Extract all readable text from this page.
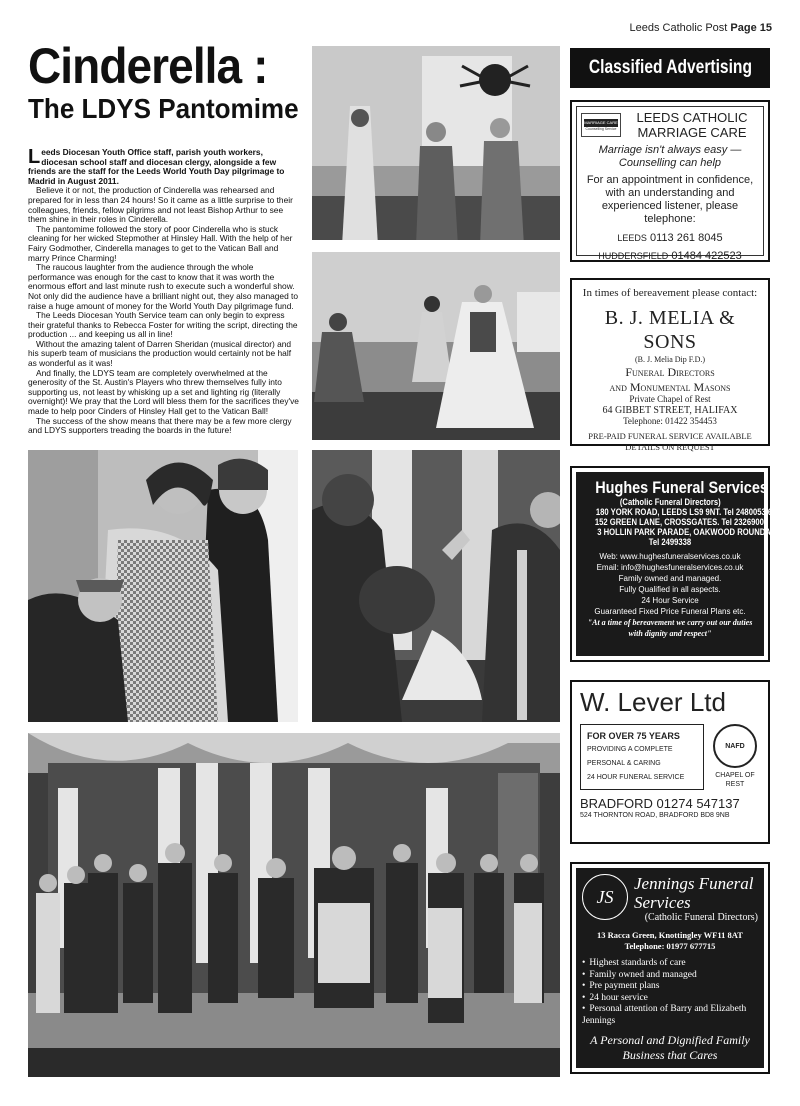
Leeds Catholic Post Page 15
Cinderella :
The LDYS Pantomime

Leeds Diocesan Youth Office staff, parish youth workers, diocesan school staff and diocesan clergy, alongside a few friends are the staff for the Leeds World Youth Day pilgrimage to Madrid in August 2011.

Believe it or not, the production of Cinderella was rehearsed and prepared for in less than 24 hours! So it came as a little surprise to their colleagues, friends, fellow pilgrims and not least Bishop Arthur to see them shine in their roles in Cinderella.

The pantomime followed the story of poor Cinderella who is stuck cleaning for her wicked Stepmother at Hinsley Hall. With the help of her Fairy Godmother, Cinderella manages to get to the Vatican Ball and marry Prince Charming!

The raucous laughter from the audience through the whole performance was enough for the cast to know that it was worth the enormous effort and last minute rush to execute such a wonderful show. Not only did the audience have a brilliant night out, they also managed to raise a huge amount of money for the World Youth Day pilgrimage fund.

The Leeds Diocesan Youth Service team can only begin to express their grateful thanks to Rebecca Foster for writing the script, directing the production ... and keeping us all in line!

Without the amazing talent of Darren Sheridan (musical director) and his superb team of musicians the production would certainly not be half as wonderful as it was!

And finally, the LDYS team are completely overwhelmed at the generosity of the St. Austin's Players who threw themselves fully into supporting us, not least by whisking up a set and lighting rig (literally overnight)! We pray that the Lord will bless them for the sacrifices they've made to help poor Cinders of Hinsley Hall get to the Vatican Ball!

The success of the show means that there may be a few more clergy and LDYS supporters treading the boards in the future!

Classified Advertising
MARRIAGE CARE
Counselling Service
LEEDS CATHOLIC MARRIAGE CARE
Marriage isn't always easy — Counselling can help
For an appointment in confidence, with an understanding and experienced listener, please telephone:
LEEDS 0113 261 8045
HUDDERSFIELD 01484 422523
In times of bereavement please contact:
B. J. MELIA & SONS
(B. J. Melia Dip F.D.)
Funeral Directors
and Monumental Masons
Private Chapel of Rest
64 GIBBET STREET, HALIFAX
Telephone: 01422 354453
PRE-PAID FUNERAL SERVICE AVAILABLE DETAILS ON REQUEST
Hughes Funeral Services
(Catholic Funeral Directors)
180 YORK ROAD, LEEDS LS9 9NT. Tel 2480053/63
152 GREEN LANE, CROSSGATES. Tel 2326900
3 HOLLIN PARK PARADE, OAKWOOD ROUNDABOUT
Tel 2499338
Web: www.hughesfuneralservices.co.uk
Email: info@hughesfuneralservices.co.uk
Family owned and managed.
Fully Qualified in all aspects.
24 Hour Service
Guaranteed Fixed Price Funeral Plans etc.
"At a time of bereavement we carry out our duties with dignity and respect"
W. Lever Ltd
FOR OVER 75 YEARS
PROVIDING A COMPLETE
PERSONAL & CARING
24 HOUR FUNERAL SERVICE
NAFD
CHAPEL OF REST
BRADFORD 01274 547137
524 THORNTON ROAD, BRADFORD BD8 9NB
JS
Jennings Funeral Services
(Catholic Funeral Directors)
13 Racca Green, Knottingley WF11 8AT
Telephone: 01977 677715
• Highest standards of care
• Family owned and managed
• Pre payment plans
• 24 hour service
• Personal attention of Barry and Elizabeth Jennings
A Personal and Dignified Family Business that Cares
